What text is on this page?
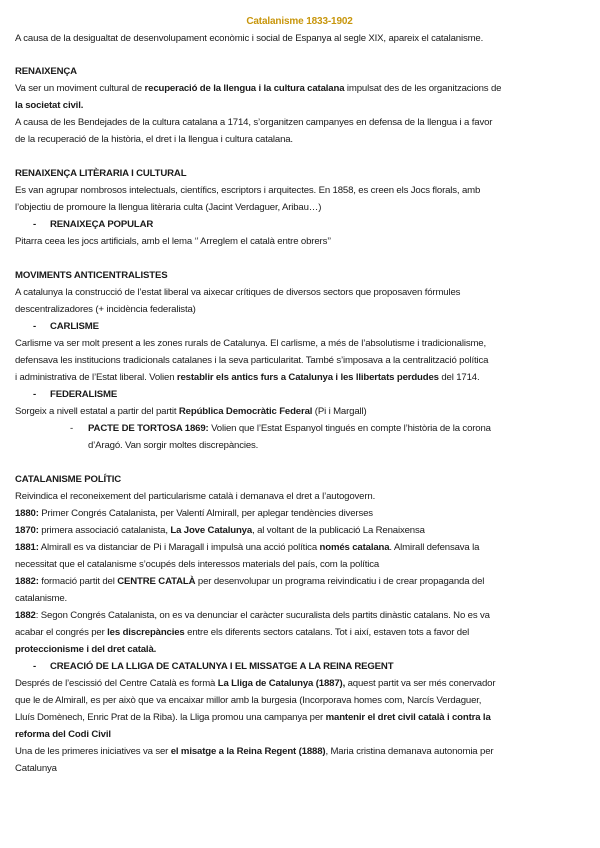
Catalanisme 1833-1902
A causa de la desigualtat de desenvolupament econòmic i social de Espanya al segle XIX, apareix el catalanisme.
RENAIXENÇA
Va ser un moviment cultural de recuperació de la llengua i la cultura catalana impulsat des de les organitzacions de
la societat civil.
A causa de les Bendejades de la cultura catalana a 1714, s’organitzen campanyes en defensa de la llengua i a favor
de la recuperació de la història, el dret i la llengua i cultura catalana.
RENAIXENÇA LITÈRARIA I CULTURAL
Es van agrupar nombrosos intelectuals, científics, escriptors i arquitectes. En 1858, es creen els Jocs florals, amb
l’objectiu de promoure la llengua litèraria culta (Jacint Verdaguer, Aribau…)
- RENAIXEÇA POPULAR
Pitarra ceea les jocs artificials, amb el lema ‘’ Arreglem el català entre obrers’’
MOVIMENTS ANTICENTRALISTES
A catalunya la construcció de l’estat liberal va aixecar crítiques de diversos sectors que proposaven fórmules
descentralizadores (+ incidència federalista)
- CARLISME
Carlisme va ser molt present a les zones rurals de Catalunya. El carlisme, a més de l’absolutisme i tradicionalisme,
defensava les institucions tradicionals catalanes i la seva particularitat. També s’imposava a la centralització política
i administrativa de l’Estat liberal. Volien restablir els antics furs a Catalunya i les llibertats perdudes del 1714.
- FEDERALISME
Sorgeix a nivell estatal a partir del partit República Democràtic Federal (Pi i Margall)
- PACTE DE TORTOSA 1869: Volien que l’Estat Espanyol tingués en compte l’història de la corona
d’Aragó. Van sorgir moltes discrepàncies.
CATALANISME POLÍTIC
Reivindica el reconeixement del particularisme català i demanava el dret a l’autogovern.
1880: Primer Congrés Catalanista, per Valentí Almirall, per aplegar tendències diverses
1870: primera associació catalanista, La Jove Catalunya, al voltant de la publicació La Renaixensa
1881: Almirall es va distanciar de Pi i Maragall i impulsà una acció política només catalana. Almirall defensava la
necessitat que el catalanisme s’ocupés dels interessos materials del país, com la política
1882: formació partit del CENTRE CATALÀ per desenvolupar un programa reivindicatiu i de crear propaganda del
catalanisme.
1882: Segon Congrés Catalanista, on es va denunciar el caràcter sucuralista dels partits dinàstic catalans. No es va
acabar el congrés per les discrepàncies entre els diferents sectors catalans. Tot i així, estaven tots a favor del
proteccionisme i del dret català.
- CREACIÓ DE LA LLIGA DE CATALUNYA I EL MISSATGE A LA REINA REGENT
Després de l’escissió del Centre Català es formà La Lliga de Catalunya (1887), aquest partit va ser més conervador
que le de Almirall, es per això que va encaixar millor amb la burgesia (Incorporava homes com, Narcís Verdaguer,
Lluís Domènech, Enric Prat de la Riba). la Lliga promou una campanya per mantenir el dret civil català i contra la
reforma del Codi Civil
Una de les primeres iniciatives va ser el misatge a la Reina Regent (1888), Maria cristina demanava autonomia per
Catalunya
